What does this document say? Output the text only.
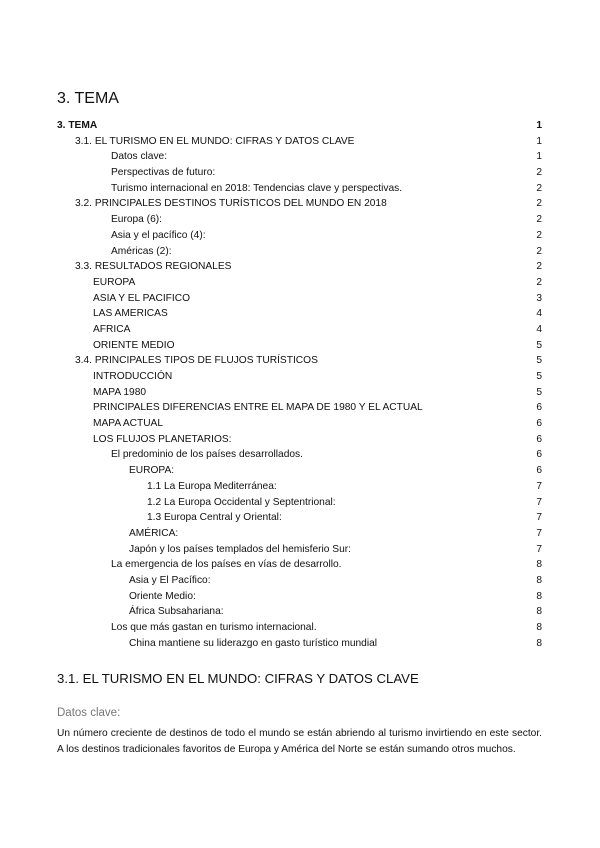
3. TEMA
3. TEMA	1
3.1. EL TURISMO EN EL MUNDO: CIFRAS Y DATOS CLAVE	1
Datos clave:	1
Perspectivas de futuro:	2
Turismo internacional en 2018: Tendencias clave y perspectivas.	2
3.2. PRINCIPALES DESTINOS TURÍSTICOS DEL MUNDO EN 2018	2
Europa (6):	2
Asia y el pacífico (4):	2
Américas (2):	2
3.3. RESULTADOS REGIONALES	2
EUROPA	2
ASIA Y EL PACIFICO	3
LAS AMERICAS	4
AFRICA	4
ORIENTE MEDIO	5
3.4. PRINCIPALES TIPOS DE FLUJOS TURÍSTICOS	5
INTRODUCCIÓN	5
MAPA 1980	5
PRINCIPALES DIFERENCIAS ENTRE EL MAPA DE 1980 Y EL ACTUAL	6
MAPA ACTUAL	6
LOS FLUJOS PLANETARIOS:	6
El predominio de los países desarrollados.	6
EUROPA:	6
1.1 La Europa Mediterránea:	7
1.2 La Europa Occidental y Septentrional:	7
1.3 Europa Central y Oriental:	7
AMÉRICA:	7
Japón y los países templados del hemisferio Sur:	7
La emergencia de los países en vías de desarrollo.	8
Asia y El Pacífico:	8
Oriente Medio:	8
África Subsahariana:	8
Los que más gastan en turismo internacional.	8
China mantiene su liderazgo en gasto turístico mundial	8
3.1. EL TURISMO EN EL MUNDO: CIFRAS Y DATOS CLAVE
Datos clave:
Un número creciente de destinos de todo el mundo se están abriendo al turismo invirtiendo en este sector. A los destinos tradicionales favoritos de Europa y América del Norte se están sumando otros muchos.
